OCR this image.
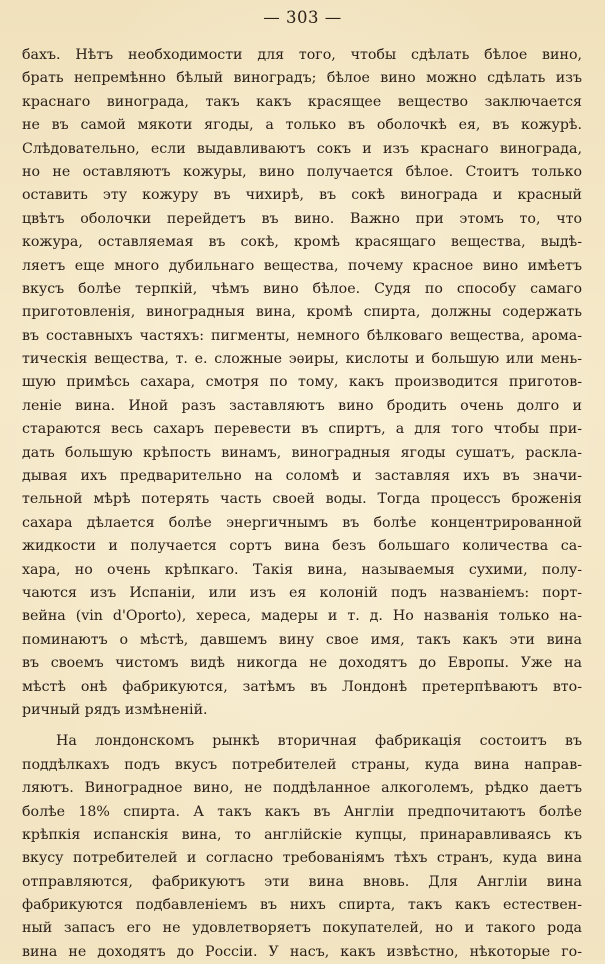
— 303 —
бахъ. Нѣтъ необходимости для того, чтобы сдѣлать бѣлое вино,
брать непремѣнно бѣлый виноградъ; бѣлое вино можно сдѣлать изъ
краснаго винограда, такъ какъ красящее вещество заключается
не въ самой мякоти ягоды, а только въ оболочкѣ ея, въ кожурѣ.
Слѣдовательно, если выдавливаютъ сокъ и изъ краснаго винограда,
но не оставляютъ кожуры, вино получается бѣлое. Стоитъ только
оставить эту кожуру въ чихирѣ, въ сокѣ винограда и красный
цвѣтъ оболочки перейдетъ въ вино. Важно при этомъ то, что
кожура, оставляемая въ сокѣ, кромѣ красящаго вещества, выдѣ-
ляетъ еще много дубильнаго вещества, почему красное вино имѣетъ
вкусъ болѣе терпкій, чѣмъ вино бѣлое. Судя по способу самаго
приготовленія, виноградныя вина, кромѣ спирта, должны содержать
въ составныхъ частяхъ: пигменты, немного бѣлковаго вещества, арома-
тическія вещества, т. е. сложные эѳиры, кислоты и большую или мень-
шую примѣсь сахара, смотря по тому, какъ производится приготов-
леніе вина. Иной разъ заставляютъ вино бродить очень долго и
стараются весь сахаръ перевести въ спиртъ, а для того чтобы при-
дать большую крѣпость винамъ, виноградныя ягоды сушатъ, раскла-
дывая ихъ предварительно на соломѣ и заставляя ихъ въ значи-
тельной мѣрѣ потерять часть своей воды. Тогда процессъ броженія
сахара дѣлается болѣе энергичнымъ въ болѣе концентрированной
жидкости и получается сортъ вина безъ большаго количества са-
хара, но очень крѣпкаго. Такія вина, называемыя сухими, полу-
чаются изъ Испаніи, или изъ ея колоній подъ названіемъ: порт-
вейна (vin d'Oporto), хереса, мадеры и т. д. Но названія только на-
поминаютъ о мѣстѣ, давшемъ вину свое имя, такъ какъ эти вина
въ своемъ чистомъ видѣ никогда не доходятъ до Европы. Уже на
мѣстѣ онѣ фабрикуются, затѣмъ въ Лондонѣ претерпѣваютъ вто-
ричный рядъ измѣненій.
На лондонскомъ рынкѣ вторичная фабрикація состоитъ въ
поддѣлкахъ подъ вкусъ потребителей страны, куда вина направ-
ляютъ. Виноградное вино, не поддѣланное алкоголемъ, рѣдко даетъ
болѣе 18% спирта. А такъ какъ въ Англіи предпочитаютъ болѣе
крѣпкія испанскія вина, то англійскіе купцы, принаравливаясь къ
вкусу потребителей и согласно требованіямъ тѣхъ странъ, куда вина
отправляются, фабрикуютъ эти вина вновь. Для Англіи вина
фабрикуются подбавленіемъ въ нихъ спирта, такъ какъ естествен-
ный запасъ его не удовлетворяетъ покупателей, но и такого рода
вина не доходятъ до Россіи. У насъ, какъ извѣстно, нѣкоторые го-
